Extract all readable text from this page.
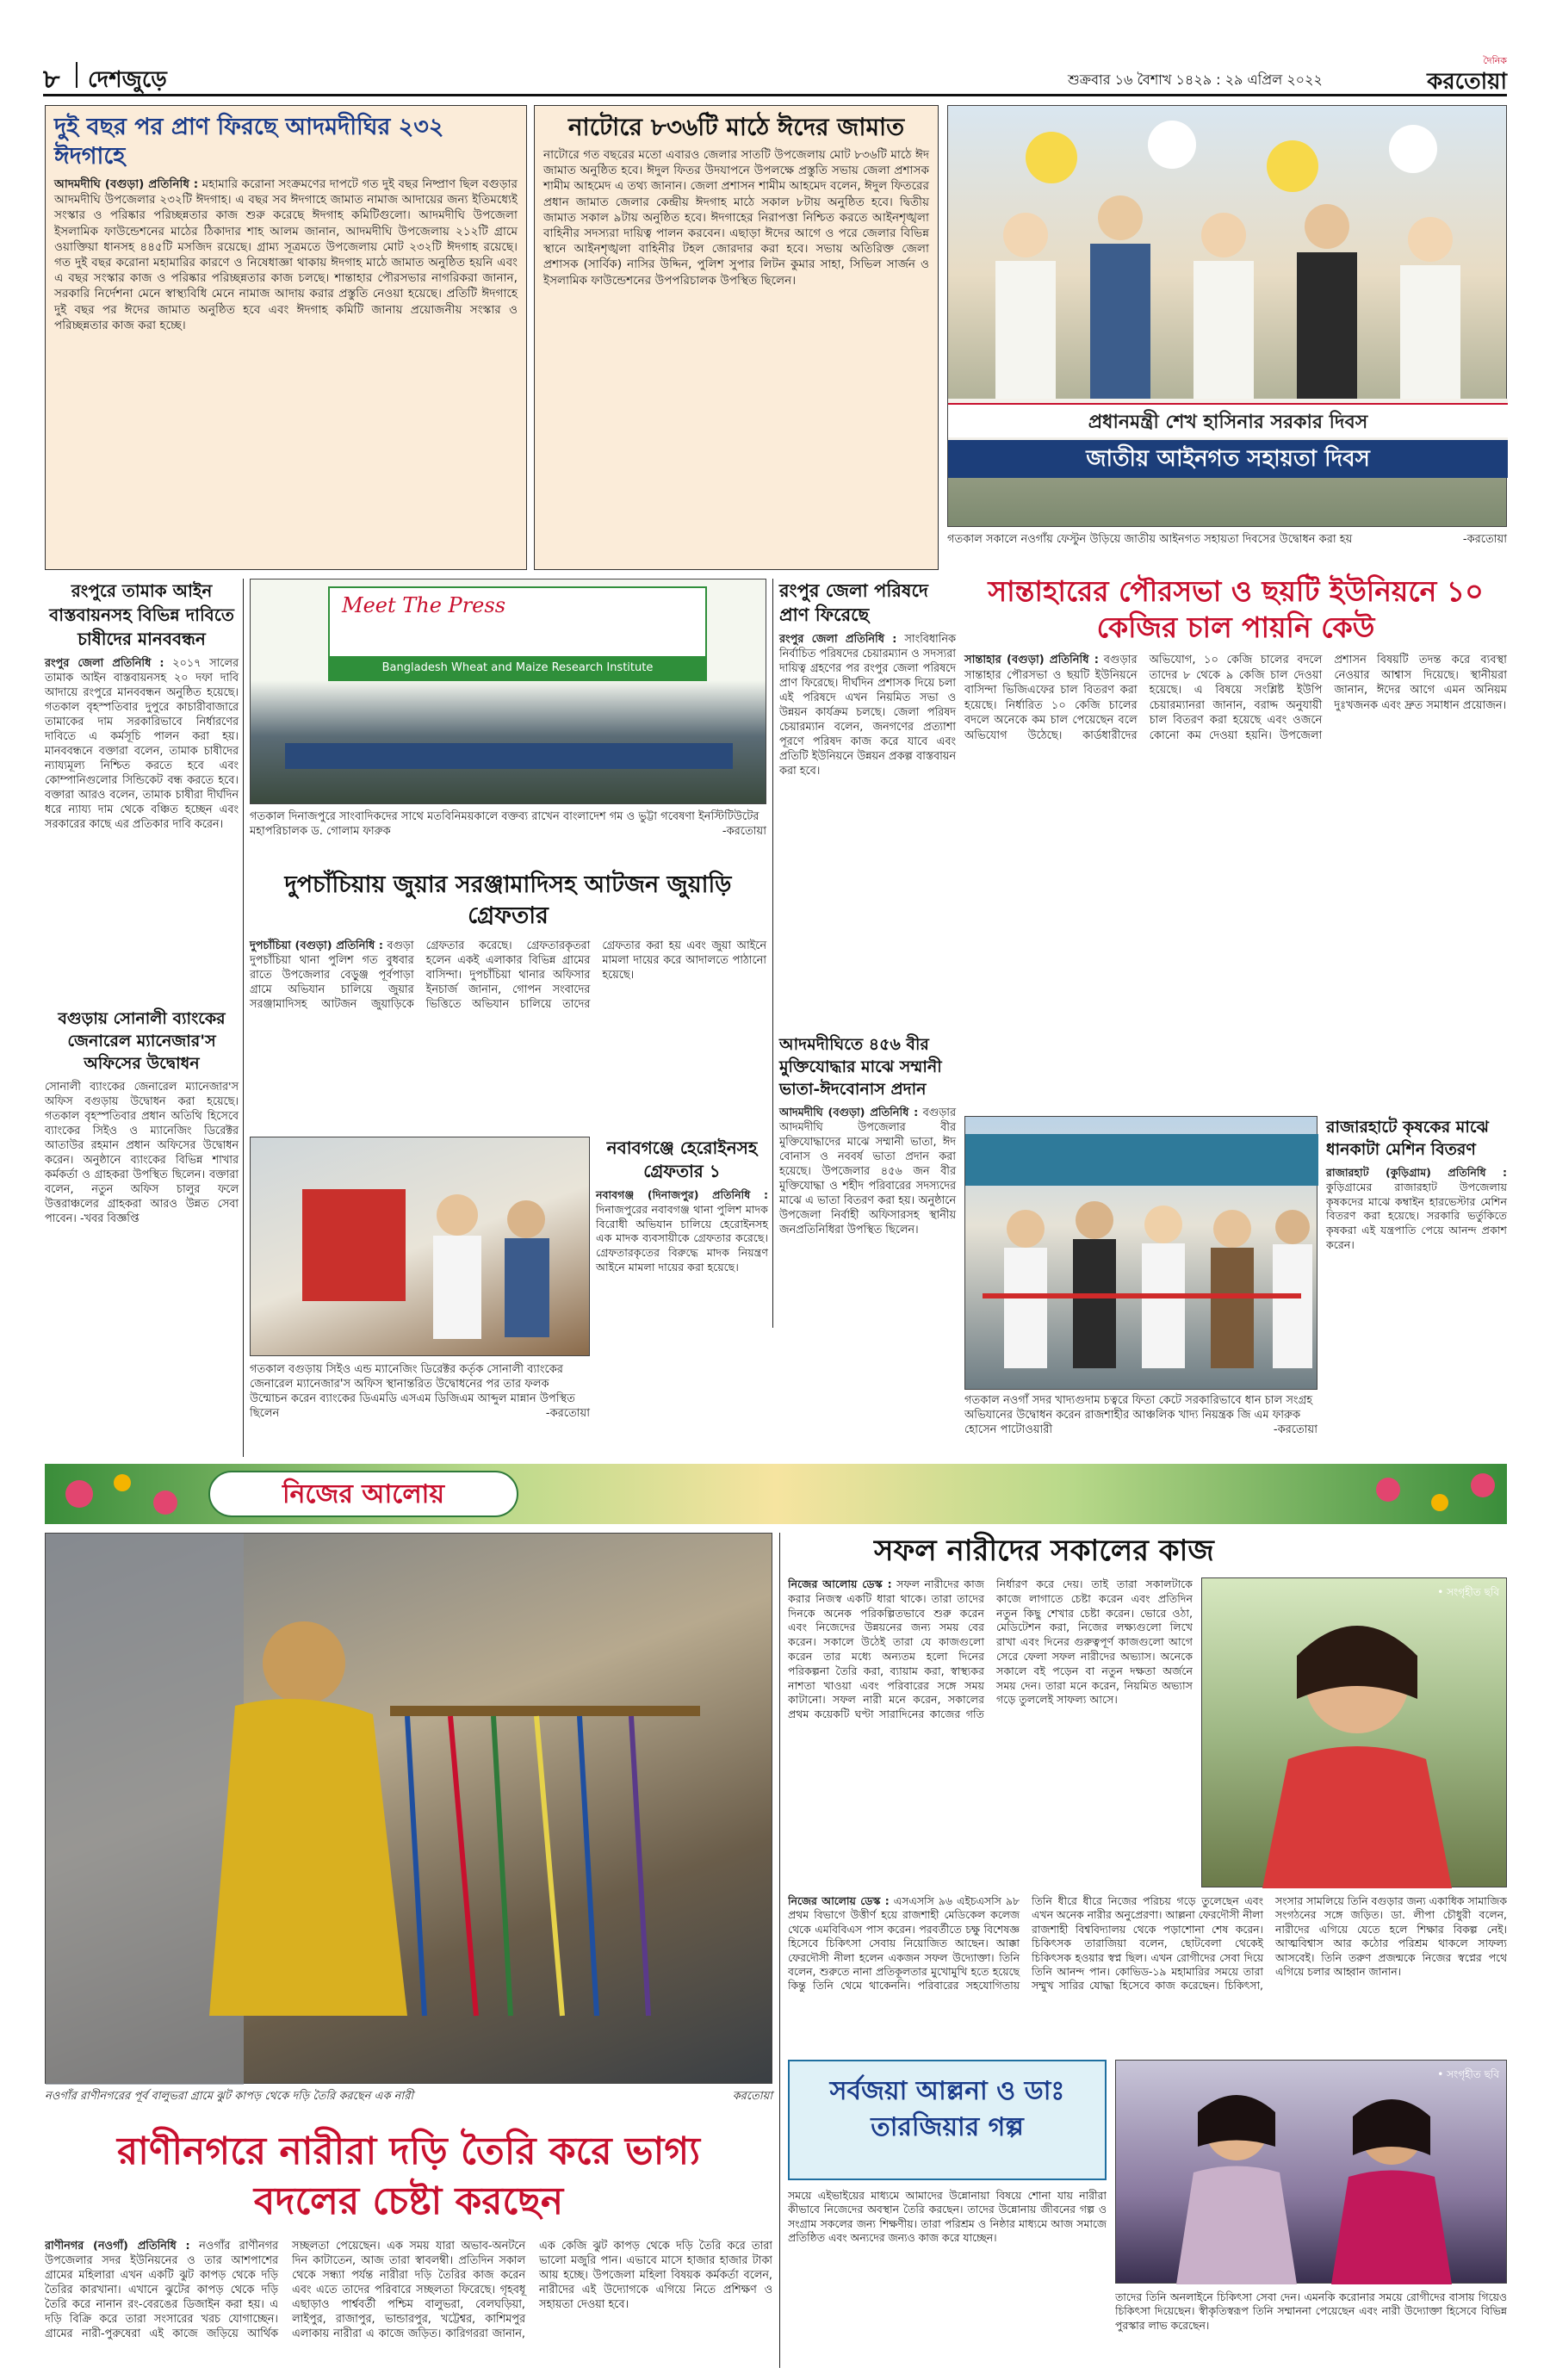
৮ দেশজুড়ে	শুক্রবার ১৬ বৈশাখ ১৪২৯ : ২৯ এপ্রিল ২০২২
দৈনিক
করতোয়া
দুই বছর পর প্রাণ ফিরছে আদমদীঘির ২৩২ ঈদগাহে
আদমদীঘি (বগুড়া) প্রতিনিধি : মহামারি করোনা সংক্রমণের দাপটে গত দুই বছর নিষ্প্রাণ ছিল বগুড়ার আদমদীঘি উপজেলার ২৩২টি ঈদগাহ। এ বছর সব ঈদগাহে জামাত নামাজ আদায়ের জন্য ইতিমধ্যেই সংস্কার ও পরিষ্কার পরিচ্ছন্নতার কাজ শুরু করেছে ঈদগাহ কমিটিগুলো। আদমদীঘি উপজেলা ইসলামিক ফাউন্ডেশনের মাঠের ঠিকাদার শাহ আলম জানান, আদমদীঘি উপজেলায় ২১২টি গ্রামে ওয়াক্তিয়া ধানসহ ৪৪৫টি মসজিদ রয়েছে। গ্রাম্য সূত্রমতে উপজেলায় মোট ২৩২টি ঈদগাহ রয়েছে। গত দুই বছর করোনা মহামারির কারণে ও নিষেধাজ্ঞা থাকায় ঈদগাহ মাঠে জামাত অনুষ্ঠিত হয়নি এবং এ বছর সংস্কার কাজ ও পরিষ্কার পরিচ্ছন্নতার কাজ চলছে। শান্তাহার পৌরসভার নাগরিকরা জানান, সরকারি নির্দেশনা মেনে স্বাস্থ্যবিধি মেনে নামাজ আদায় করার প্রস্তুতি নেওয়া হয়েছে। প্রতিটি ঈদগাহে দুই বছর পর ঈদের জামাত অনুষ্ঠিত হবে এবং ঈদগাহ কমিটি জানায় প্রয়োজনীয় সংস্কার ও পরিচ্ছন্নতার কাজ করা হচ্ছে।
নাটোরে ৮৩৬টি মাঠে ঈদের জামাত
নাটোরে গত বছরের মতো এবারও জেলার সাতটি উপজেলায় মোট ৮৩৬টি মাঠে ঈদ জামাত অনুষ্ঠিত হবে। ঈদুল ফিতর উদযাপনে উপলক্ষে প্রস্তুতি সভায় জেলা প্রশাসক শামীম আহমেদ এ তথ্য জানান। জেলা প্রশাসন শামীম আহমেদ বলেন, ঈদুল ফিতরের প্রধান জামাত জেলার কেন্দ্রীয় ঈদগাহ মাঠে সকাল ৮টায় অনুষ্ঠিত হবে। দ্বিতীয় জামাত সকাল ৯টায় অনুষ্ঠিত হবে। ঈদগাহের নিরাপত্তা নিশ্চিত করতে আইনশৃঙ্খলা বাহিনীর সদস্যরা দায়িত্ব পালন করবেন। এছাড়া ঈদের আগে ও পরে জেলার বিভিন্ন স্থানে আইনশৃঙ্খলা বাহিনীর টহল জোরদার করা হবে। সভায় অতিরিক্ত জেলা প্রশাসক (সার্বিক) নাসির উদ্দিন, পুলিশ সুপার লিটন কুমার সাহা, সিভিল সার্জন ও ইসলামিক ফাউন্ডেশনের উপপরিচালক উপস্থিত ছিলেন।
প্রধানমন্ত্রী শেখ হাসিনার সরকার দিবস
জাতীয় আইনগত সহায়তা দিবস
গতকাল সকালে নওগাঁয় ফেস্টুন উড়িয়ে জাতীয় আইনগত সহায়তা দিবসের উদ্বোধন করা হয়	-করতোয়া
রংপুরে তামাক আইন বাস্তবায়নসহ বিভিন্ন দাবিতে চাষীদের মানববন্ধন
রংপুর জেলা প্রতিনিধি : ২০১৭ সালের তামাক আইন বাস্তবায়নসহ ২০ দফা দাবি আদায়ে রংপুরে মানববন্ধন অনুষ্ঠিত হয়েছে। গতকাল বৃহস্পতিবার দুপুরে কাচারীবাজারে তামাকের দাম সরকারিভাবে নির্ধারণের দাবিতে এ কর্মসূচি পালন করা হয়। মানববন্ধনে বক্তারা বলেন, তামাক চাষীদের ন্যায্যমূল্য নিশ্চিত করতে হবে এবং কোম্পানিগুলোর সিন্ডিকেট বন্ধ করতে হবে। বক্তারা আরও বলেন, তামাক চাষীরা দীর্ঘদিন ধরে ন্যায্য দাম থেকে বঞ্চিত হচ্ছেন এবং সরকারের কাছে এর প্রতিকার দাবি করেন।
Meet The Press
Bangladesh Wheat and Maize Research Institute
গতকাল দিনাজপুরে সাংবাদিকদের সাথে মতবিনিময়কালে বক্তব্য রাখেন বাংলাদেশ গম ও ভুট্টা গবেষণা ইনস্টিটিউটের মহাপরিচালক ড. গোলাম ফারুক	-করতোয়া
রংপুর জেলা পরিষদে প্রাণ ফিরেছে
রংপুর জেলা প্রতিনিধি : সাংবিধানিক নির্বাচিত পরিষদের চেয়ারম্যান ও সদস্যরা দায়িত্ব গ্রহণের পর রংপুর জেলা পরিষদে প্রাণ ফিরেছে। দীর্ঘদিন প্রশাসক দিয়ে চলা এই পরিষদে এখন নিয়মিত সভা ও উন্নয়ন কার্যক্রম চলছে। জেলা পরিষদ চেয়ারম্যান বলেন, জনগণের প্রত্যাশা পূরণে পরিষদ কাজ করে যাবে এবং প্রতিটি ইউনিয়নে উন্নয়ন প্রকল্প বাস্তবায়ন করা হবে।
সান্তাহারের পৌরসভা ও ছয়টি ইউনিয়নে ১০ কেজির চাল পায়নি কেউ
সান্তাহার (বগুড়া) প্রতিনিধি : বগুড়ার সান্তাহার পৌরসভা ও ছয়টি ইউনিয়নে বাসিন্দা ভিজিএফের চাল বিতরণ করা হয়েছে। নির্ধারিত ১০ কেজি চালের বদলে অনেকে কম চাল পেয়েছেন বলে অভিযোগ উঠেছে। কার্ডধারীদের অভিযোগ, ১০ কেজি চালের বদলে তাদের ৮ থেকে ৯ কেজি চাল দেওয়া হয়েছে। এ বিষয়ে সংশ্লিষ্ট ইউপি চেয়ারম্যানরা জানান, বরাদ্দ অনুযায়ী চাল বিতরণ করা হয়েছে এবং ওজনে কোনো কম দেওয়া হয়নি। উপজেলা প্রশাসন বিষয়টি তদন্ত করে ব্যবস্থা নেওয়ার আশ্বাস দিয়েছে। স্থানীয়রা জানান, ঈদের আগে এমন অনিয়ম দুঃখজনক এবং দ্রুত সমাধান প্রয়োজন।
দুপচাঁচিয়ায় জুয়ার সরঞ্জামাদিসহ আটজন জুয়াড়ি গ্রেফতার
দুপচাঁচিয়া (বগুড়া) প্রতিনিধি : বগুড়া দুপচাঁচিয়া থানা পুলিশ গত বুধবার রাতে উপজেলার বেড়ুঞ্জ পূর্বপাড়া গ্রামে অভিযান চালিয়ে জুয়ার সরঞ্জামাদিসহ আটজন জুয়াড়িকে গ্রেফতার করেছে। গ্রেফতারকৃতরা হলেন একই এলাকার বিভিন্ন গ্রামের বাসিন্দা। দুপচাঁচিয়া থানার অফিসার ইনচার্জ জানান, গোপন সংবাদের ভিত্তিতে অভিযান চালিয়ে তাদের গ্রেফতার করা হয় এবং জুয়া আইনে মামলা দায়ের করে আদালতে পাঠানো হয়েছে।
বগুড়ায় সোনালী ব্যাংকের জেনারেল ম্যানেজার'স অফিসের উদ্বোধন
সোনালী ব্যাংকের জেনারেল ম্যানেজার'স অফিস বগুড়ায় উদ্বোধন করা হয়েছে। গতকাল বৃহস্পতিবার প্রধান অতিথি হিসেবে ব্যাংকের সিইও ও ম্যানেজিং ডিরেক্টর আতাউর রহমান প্রধান অফিসের উদ্বোধন করেন। অনুষ্ঠানে ব্যাংকের বিভিন্ন শাখার কর্মকর্তা ও গ্রাহকরা উপস্থিত ছিলেন। বক্তারা বলেন, নতুন অফিস চালুর ফলে উত্তরাঞ্চলের গ্রাহকরা আরও উন্নত সেবা পাবেন। -খবর বিজ্ঞপ্তি
গতকাল বগুড়ায় সিইও এন্ড ম্যানেজিং ডিরেক্টর কর্তৃক সোনালী ব্যাংকের জেনারেল ম্যানেজার'স অফিস স্থানান্তরিত উদ্বোধনের পর তার ফলক উন্মোচন করেন ব্যাংকের ডিএমডি এসএম ডিজিএম আব্দুল মান্নান উপস্থিত ছিলেন	-করতোয়া
নবাবগঞ্জে হেরোইনসহ গ্রেফতার ১
নবাবগঞ্জ (দিনাজপুর) প্রতিনিধি : দিনাজপুরের নবাবগঞ্জ থানা পুলিশ মাদক বিরোধী অভিযান চালিয়ে হেরোইনসহ এক মাদক ব্যবসায়ীকে গ্রেফতার করেছে। গ্রেফতারকৃতের বিরুদ্ধে মাদক নিয়ন্ত্রণ আইনে মামলা দায়ের করা হয়েছে।
আদমদীঘিতে ৪৫৬ বীর মুক্তিযোদ্ধার মাঝে সম্মানী ভাতা-ঈদবোনাস প্রদান
আদমদীঘি (বগুড়া) প্রতিনিধি : বগুড়ার আদমদীঘি উপজেলার বীর মুক্তিযোদ্ধাদের মাঝে সম্মানী ভাতা, ঈদ বোনাস ও নববর্ষ ভাতা প্রদান করা হয়েছে। উপজেলার ৪৫৬ জন বীর মুক্তিযোদ্ধা ও শহীদ পরিবারের সদস্যদের মাঝে এ ভাতা বিতরণ করা হয়। অনুষ্ঠানে উপজেলা নির্বাহী অফিসারসহ স্থানীয় জনপ্রতিনিধিরা উপস্থিত ছিলেন।
রাজারহাটে কৃষকের মাঝে ধানকাটা মেশিন বিতরণ
রাজারহাট (কুড়িগ্রাম) প্রতিনিধি : কুড়িগ্রামের রাজারহাট উপজেলায় কৃষকদের মাঝে কম্বাইন হারভেস্টার মেশিন বিতরণ করা হয়েছে। সরকারি ভর্তুকিতে কৃষকরা এই যন্ত্রপাতি পেয়ে আনন্দ প্রকাশ করেন।
গতকাল নওগাঁ সদর খাদ্যগুদাম চত্বরে ফিতা কেটে সরকারিভাবে ধান চাল সংগ্রহ অভিযানের উদ্বোধন করেন রাজশাহীর আঞ্চলিক খাদ্য নিয়ন্ত্রক জি এম ফারুক হোসেন পাটোওয়ারী	-করতোয়া
নিজের আলোয়
নওগাঁর রাণীনগরের পূর্ব বালুভরা গ্রামে ঝুট কাপড় থেকে দড়ি তৈরি করছেন এক নারী	করতোয়া
রাণীনগরে নারীরা দড়ি তৈরি করে ভাগ্য বদলের চেষ্টা করছেন
রাণীনগর (নওগাঁ) প্রতিনিধি : নওগাঁর রাণীনগর উপজেলার সদর ইউনিয়নের ও তার আশপাশের গ্রামের মহিলারা এখন একটি ঝুট কাপড় থেকে দড়ি তৈরির কারখানা। এখানে ঝুটের কাপড় থেকে দড়ি তৈরি করে নানান রং-বেরঙের ডিজাইন করা হয়। এ দড়ি বিক্রি করে তারা সংসারের খরচ যোগাচ্ছেন। গ্রামের নারী-পুরুষেরা এই কাজে জড়িয়ে আর্থিক সচ্ছলতা পেয়েছেন। এক সময় যারা অভাব-অনটনে দিন কাটাতেন, আজ তারা স্বাবলম্বী। প্রতিদিন সকাল থেকে সন্ধ্যা পর্যন্ত নারীরা দড়ি তৈরির কাজ করেন এবং এতে তাদের পরিবারে সচ্ছলতা ফিরেছে। গৃহবধূ এছাড়াও পার্শ্ববর্তী পশ্চিম বালুভরা, বেলঘড়িয়া, লাইপুর, রাজাপুর, ভান্ডারপুর, খট্টেশ্বর, কাশিমপুর এলাকায় নারীরা এ কাজে জড়িত। কারিগররা জানান, এক কেজি ঝুট কাপড় থেকে দড়ি তৈরি করে তারা ভালো মজুরি পান। এভাবে মাসে হাজার হাজার টাকা আয় হচ্ছে। উপজেলা মহিলা বিষয়ক কর্মকর্তা বলেন, নারীদের এই উদ্যোগকে এগিয়ে নিতে প্রশিক্ষণ ও সহায়তা দেওয়া হবে।
সফল নারীদের সকালের কাজ
নিজের আলোয় ডেস্ক : সফল নারীদের কাজ করার নিজস্ব একটি ধারা থাকে। তারা তাদের দিনকে অনেক পরিকল্পিতভাবে শুরু করেন এবং নিজেদের উন্নয়নের জন্য সময় বের করেন। সকালে উঠেই তারা যে কাজগুলো করেন তার মধ্যে অন্যতম হলো দিনের পরিকল্পনা তৈরি করা, ব্যায়াম করা, স্বাস্থ্যকর নাশতা খাওয়া এবং পরিবারের সঙ্গে সময় কাটানো। সফল নারী মনে করেন, সকালের প্রথম কয়েকটি ঘণ্টা সারাদিনের কাজের গতি নির্ধারণ করে দেয়। তাই তারা সকালটাকে কাজে লাগাতে চেষ্টা করেন এবং প্রতিদিন নতুন কিছু শেখার চেষ্টা করেন। ভোরে ওঠা, মেডিটেশন করা, নিজের লক্ষ্যগুলো লিখে রাখা এবং দিনের গুরুত্বপূর্ণ কাজগুলো আগে সেরে ফেলা সফল নারীদের অভ্যাস। অনেকে সকালে বই পড়েন বা নতুন দক্ষতা অর্জনে সময় দেন। তারা মনে করেন, নিয়মিত অভ্যাস গড়ে তুললেই সাফল্য আসে।
• সংগৃহীত ছবি
নিজের আলোয় ডেস্ক : এসএসসি ৯৬ এইচএসসি ৯৮ প্রথম বিভাগে উত্তীর্ণ হয়ে রাজশাহী মেডিকেল কলেজ থেকে এমবিবিএস পাস করেন। পরবর্তীতে চক্ষু বিশেষজ্ঞ হিসেবে চিকিৎসা সেবায় নিয়োজিত আছেন। আক্কা ফেরদৌসী নীলা হলেন একজন সফল উদ্যোক্তা। তিনি বলেন, শুরুতে নানা প্রতিকূলতার মুখোমুখি হতে হয়েছে কিন্তু তিনি থেমে থাকেননি। পরিবারের সহযোগিতায় তিনি ধীরে ধীরে নিজের পরিচয় গড়ে তুলেছেন এবং এখন অনেক নারীর অনুপ্রেরণা। আল্লনা ফেরদৌসী নীলা রাজশাহী বিশ্ববিদ্যালয় থেকে পড়াশোনা শেষ করেন। চিকিৎসক তারাজিয়া বলেন, ছোটবেলা থেকেই চিকিৎসক হওয়ার স্বপ্ন ছিল। এখন রোগীদের সেবা দিয়ে তিনি আনন্দ পান। কোভিড-১৯ মহামারির সময়ে তারা সম্মুখ সারির যোদ্ধা হিসেবে কাজ করেছেন। চিকিৎসা, সংসার সামলিয়ে তিনি বগুড়ার জন্য একাধিক সামাজিক সংগঠনের সঙ্গে জড়িত। ডা. লীপা চৌধুরী বলেন, নারীদের এগিয়ে যেতে হলে শিক্ষার বিকল্প নেই। আত্মবিশ্বাস আর কঠোর পরিশ্রম থাকলে সাফল্য আসবেই। তিনি তরুণ প্রজন্মকে নিজের স্বপ্নের পথে এগিয়ে চলার আহ্বান জানান।
সর্বজয়া আল্লনা ও ডাঃ তারজিয়ার গল্প
• সংগৃহীত ছবি
সময়ে এইভাইয়ের মাধ্যমে আমাদের উন্নোনায়া বিষয়ে শোনা যায় নারীরা কীভাবে নিজেদের অবস্থান তৈরি করছেন। তাদের উন্নোনায় জীবনের গল্প ও সংগ্রাম সকলের জন্য শিক্ষণীয়। তারা পরিশ্রম ও নিষ্ঠার মাধ্যমে আজ সমাজে প্রতিষ্ঠিত এবং অন্যদের জন্যও কাজ করে যাচ্ছেন।
তাদের তিনি অনলাইনে চিকিৎসা সেবা দেন। এমনকি করোনার সময়ে রোগীদের বাসায় গিয়েও চিকিৎসা দিয়েছেন। স্বীকৃতিস্বরূপ তিনি সম্মাননা পেয়েছেন এবং নারী উদ্যোক্তা হিসেবে বিভিন্ন পুরস্কার লাভ করেছেন।
